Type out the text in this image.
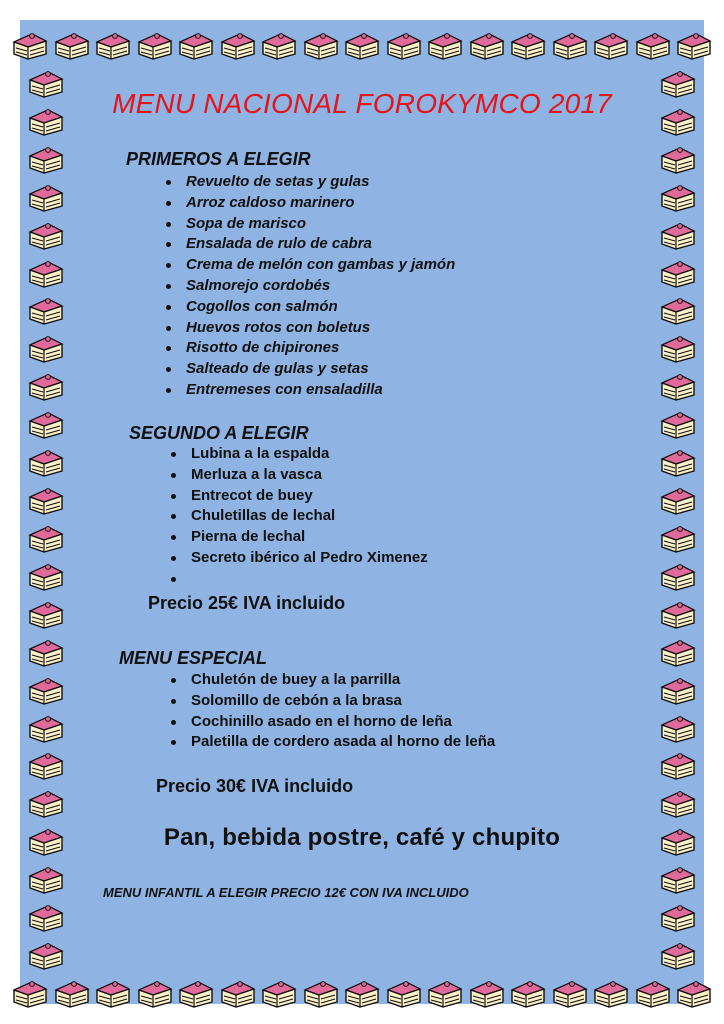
MENU NACIONAL FOROKYMCO 2017
PRIMEROS A ELEGIR
Revuelto de setas y gulas
Arroz caldoso marinero
Sopa de marisco
Ensalada de rulo de cabra
Crema de melón con gambas y jamón
Salmorejo cordobés
Cogollos con salmón
Huevos rotos con boletus
Risotto de chipirones
Salteado de gulas y setas
Entremeses con ensaladilla
SEGUNDO A ELEGIR
Lubina a la espalda
Merluza a la vasca
Entrecot de buey
Chuletillas de lechal
Pierna de lechal
Secreto ibérico al Pedro Ximenez
Precio 25€ IVA incluido
MENU ESPECIAL
Chuletón de buey a la parrilla
Solomillo de cebón a la brasa
Cochinillo asado en el horno de leña
Paletilla de cordero asada al horno de leña
Precio 30€ IVA incluido
Pan, bebida postre, café y chupito
MENU INFANTIL A ELEGIR PRECIO 12€ CON IVA INCLUIDO
